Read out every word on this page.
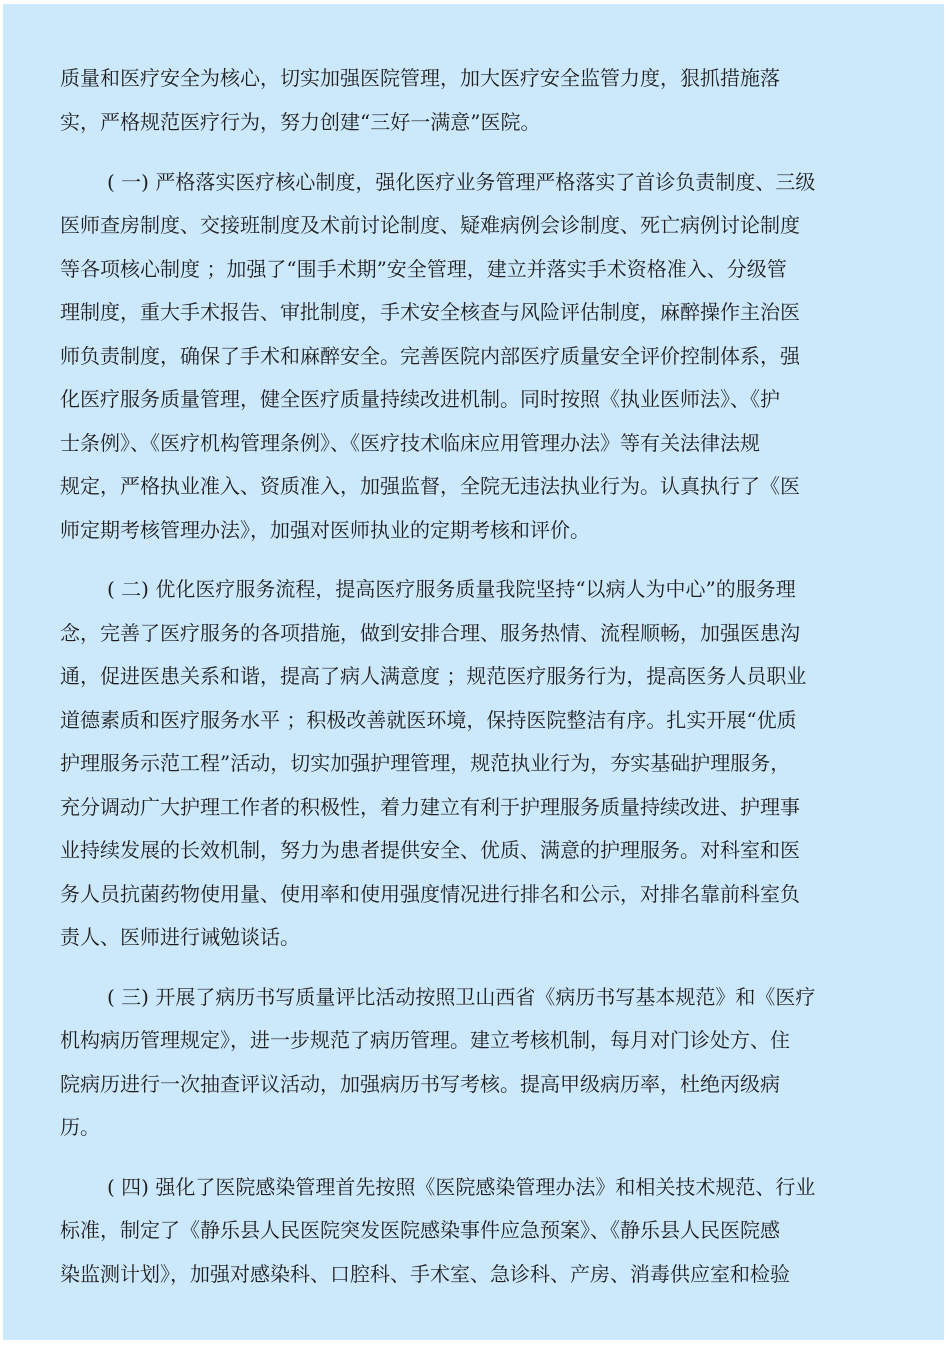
质量和医疗安全为核心，切实加强医院管理，加大医疗安全监管力度，狠抓措施落
实，严格规范医疗行为，努力创建“三好一满意”医院。
( 一) 严格落实医疗核心制度，强化医疗业务管理严格落实了首诊负责制度、三级
医师查房制度、交接班制度及术前讨论制度、疑难病例会诊制度、死亡病例讨论制度
等各项核心制度 ；加强了“围手术期”安全管理，建立并落实手术资格准入、分级管
理制度，重大手术报告、审批制度，手术安全核查与风险评估制度，麻醉操作主治医
师负责制度，确保了手术和麻醉安全。完善医院内部医疗质量安全评价控制体系，强
化医疗服务质量管理，健全医疗质量持续改进机制。同时按照《执业医师法》、《护
士条例》、《医疗机构管理条例》、《医疗技术临床应用管理办法》等有关法律法规
规定，严格执业准入、资质准入，加强监督，全院无违法执业行为。认真执行了《医
师定期考核管理办法》，加强对医师执业的定期考核和评价。
( 二) 优化医疗服务流程，提高医疗服务质量我院坚持“以病人为中心”的服务理
念，完善了医疗服务的各项措施，做到安排合理、服务热情、流程顺畅，加强医患沟
通，促进医患关系和谐，提高了病人满意度 ；规范医疗服务行为，提高医务人员职业
道德素质和医疗服务水平 ；积极改善就医环境，保持医院整洁有序。扎实开展“优质
护理服务示范工程”活动，切实加强护理管理，规范执业行为，夯实基础护理服务，
充分调动广大护理工作者的积极性，着力建立有利于护理服务质量持续改进、护理事
业持续发展的长效机制，努力为患者提供安全、优质、满意的护理服务。对科室和医
务人员抗菌药物使用量、使用率和使用强度情况进行排名和公示，对排名靠前科室负
责人、医师进行诫勉谈话。
( 三) 开展了病历书写质量评比活动按照卫山西省《病历书写基本规范》和《医疗
机构病历管理规定》，进一步规范了病历管理。建立考核机制，每月对门诊处方、住
院病历进行一次抽查评议活动，加强病历书写考核。提高甲级病历率，杜绝丙级病
历。
( 四) 强化了医院感染管理首先按照《医院感染管理办法》和相关技术规范、行业
标准，制定了《静乐县人民医院突发医院感染事件应急预案》、《静乐县人民医院感
染监测计划》，加强对感染科、口腔科、手术室、急诊科、产房、消毒供应室和检验
